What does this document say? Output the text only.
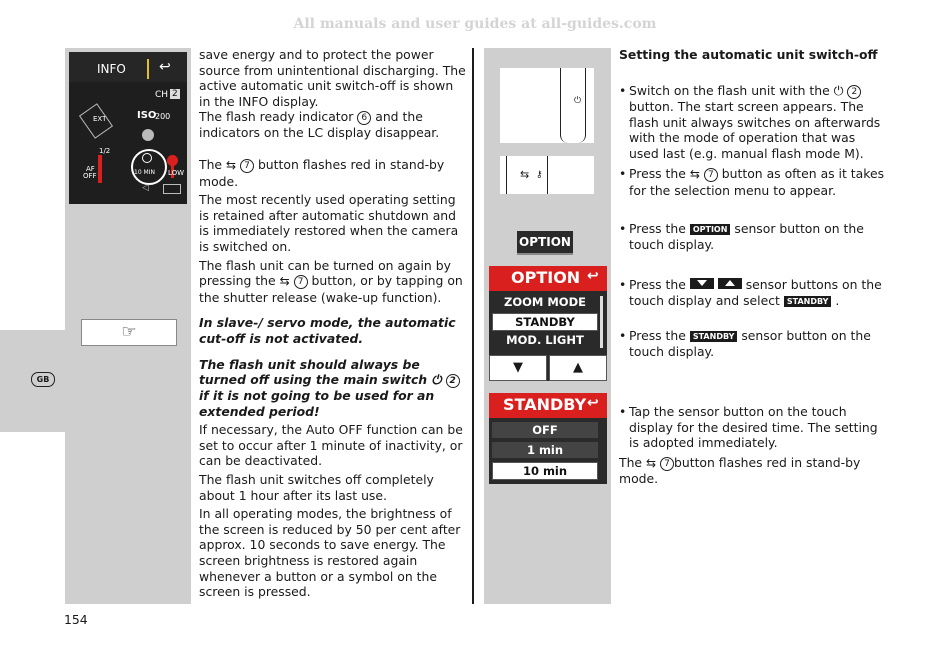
All manuals and user guides at all-guides.com
GB
INFO ↩
CH 2
EXT	ISO
200
1/2
AF
OFF	10 MIN LOW
◁
☞

save energy and to protect the power source from unintentional discharging. The active automatic unit switch-off is shown in the INFO display.

The flash ready indicator 6 and the indicators on the LC display disappear.

The ⇆ 7 button flashes red in stand-by mode.

The most recently used operating setting is retained after automatic shutdown and is immediately restored when the camera is switched on.

The flash unit can be turned on again by pressing the ⇆ 7 button, or by tapping on the shutter release (wake-up function).

In slave-/ servo mode, the automatic cut-off is not activated.

The flash unit should always be turned off using the main switch ⏻ 2 if it is not going to be used for an extended period!

If necessary, the Auto OFF function can be set to occur after 1 minute of inactivity, or can be deactivated.

The flash unit switches off completely about 1 hour after its last use.

In all operating modes, the brightness of the screen is reduced by 50 per cent after approx. 10 seconds to save energy. The screen brightness is restored again whenever a button or a symbol on the screen is pressed.

⏻
⇆ ⚷
OPTION
OPTION ↩
ZOOM MODE
STANDBY
MOD. LIGHT
▼	▲
STANDBY ↩
OFF
1 min
10 min
Setting the automatic unit switch-off
• Switch on the flash unit with the ⏻ 2 button. The start screen appears. The flash unit always switches on afterwards with the mode of operation that was used last (e.g. manual flash mode M).
• Press the ⇆ 7 button as often as it takes for the selection menu to appear.
• Press the OPTION sensor button on the touch display.
• Press the
	sensor buttons on the touch display and select STANDBY .
• Press the STANDBY sensor button on the touch display.
• Tap the sensor button on the touch display for the desired time. The setting is adopted immediately.

The ⇆ 7 button flashes red in stand-by mode.

154
